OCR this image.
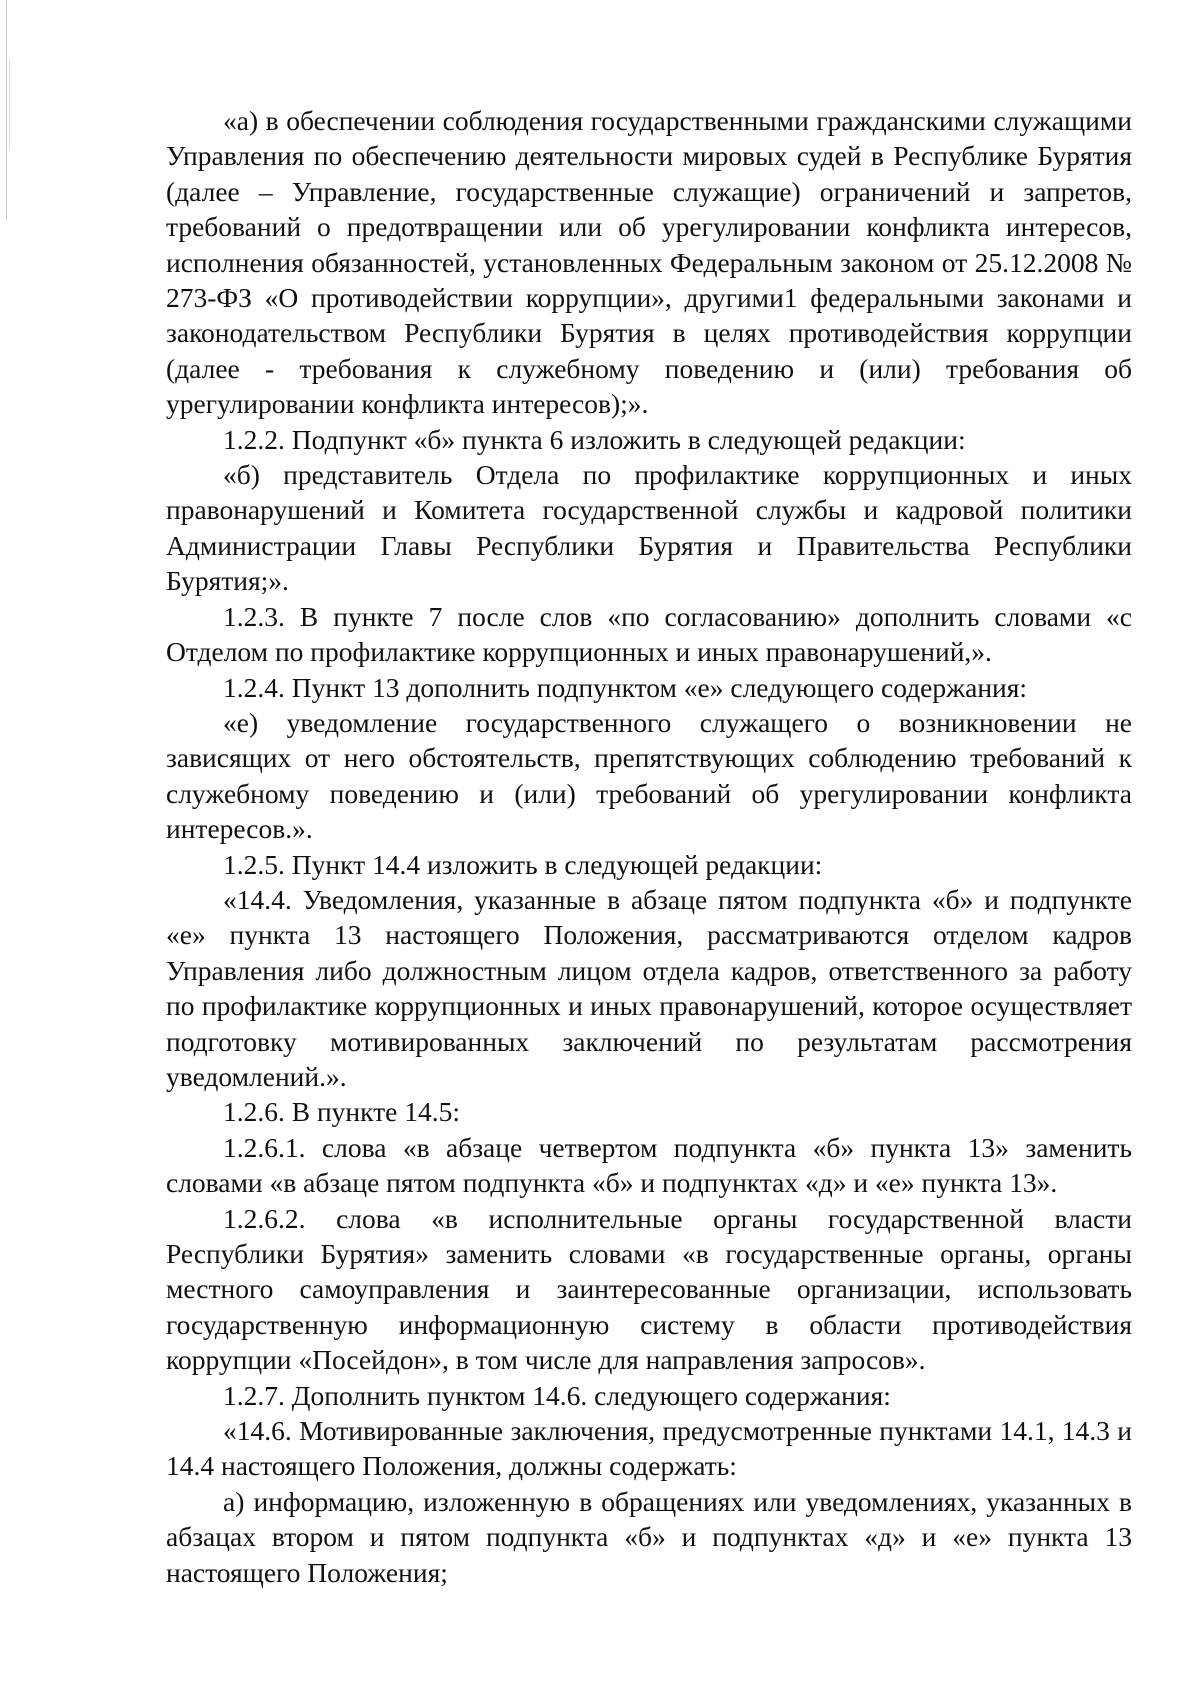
«а) в обеспечении соблюдения государственными гражданскими служащими Управления по обеспечению деятельности мировых судей в Республике Бурятия (далее – Управление, государственные служащие) ограничений и запретов, требований о предотвращении или об урегулировании конфликта интересов, исполнения обязанностей, установленных Федеральным законом от 25.12.2008 № 273-ФЗ «О противодействии коррупции», другими1 федеральными законами и законодательством Республики Бурятия в целях противодействия коррупции (далее - требования к служебному поведению и (или) требования об урегулировании конфликта интересов);».

1.2.2. Подпункт «б» пункта 6 изложить в следующей редакции:

«б) представитель Отдела по профилактике коррупционных и иных правонарушений и Комитета государственной службы и кадровой политики Администрации Главы Республики Бурятия и Правительства Республики Бурятия;».

1.2.3. В пункте 7 после слов «по согласованию» дополнить словами «с Отделом по профилактике коррупционных и иных правонарушений,».

1.2.4. Пункт 13 дополнить подпунктом «е» следующего содержания:

«е) уведомление государственного служащего о возникновении не зависящих от него обстоятельств, препятствующих соблюдению требований к служебному поведению и (или) требований об урегулировании конфликта интересов.».

1.2.5. Пункт 14.4 изложить в следующей редакции:

«14.4. Уведомления, указанные в абзаце пятом подпункта «б» и подпункте «е» пункта 13 настоящего Положения, рассматриваются отделом кадров Управления либо должностным лицом отдела кадров, ответственного за работу по профилактике коррупционных и иных правонарушений, которое осуществляет подготовку мотивированных заключений по результатам рассмотрения уведомлений.».

1.2.6. В пункте 14.5:

1.2.6.1. слова «в абзаце четвертом подпункта «б» пункта 13» заменить словами «в абзаце пятом подпункта «б» и подпунктах «д» и «е» пункта 13».

1.2.6.2. слова «в исполнительные органы государственной власти Республики Бурятия» заменить словами «в государственные органы, органы местного самоуправления и заинтересованные организации, использовать государственную информационную систему в области противодействия коррупции «Посейдон», в том числе для направления запросов».

1.2.7. Дополнить пунктом 14.6. следующего содержания:

«14.6. Мотивированные заключения, предусмотренные пунктами 14.1, 14.3 и 14.4 настоящего Положения, должны содержать:

а) информацию, изложенную в обращениях или уведомлениях, указанных в абзацах втором и пятом подпункта «б» и подпунктах «д» и «е» пункта 13 настоящего Положения;
